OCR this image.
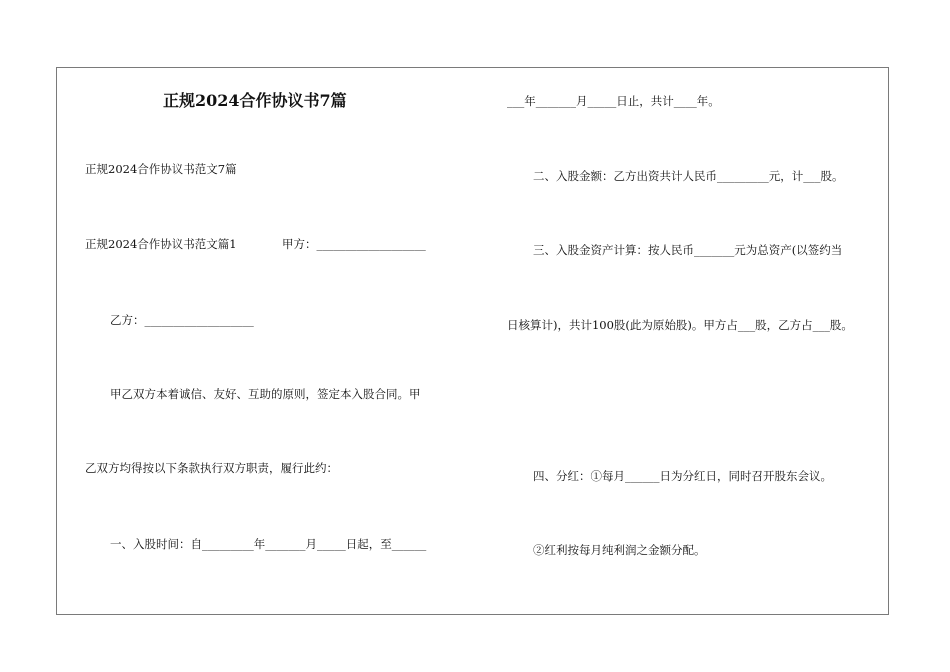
正规2024合作协议书7篇
正规2024合作协议书范文7篇
正规2024合作协议书范文篇1	甲方：___________________
乙方：___________________
甲乙双方本着诚信、友好、互助的原则，签定本入股合同。甲
乙双方均得按以下条款执行双方职责，履行此约：
一、入股时间：自_________年_______月_____日起，至______
___年_______月_____日止，共计____年。
二、入股金额：乙方出资共计人民币_________元，计___股。
三、入股金资产计算：按人民币_______元为总资产(以签约当
日核算计)，共计100股(此为原始股)。甲方占___股，乙方占___股。
四、分红：①每月______日为分红日，同时召开股东会议。
②红利按每月纯利润之金额分配。
